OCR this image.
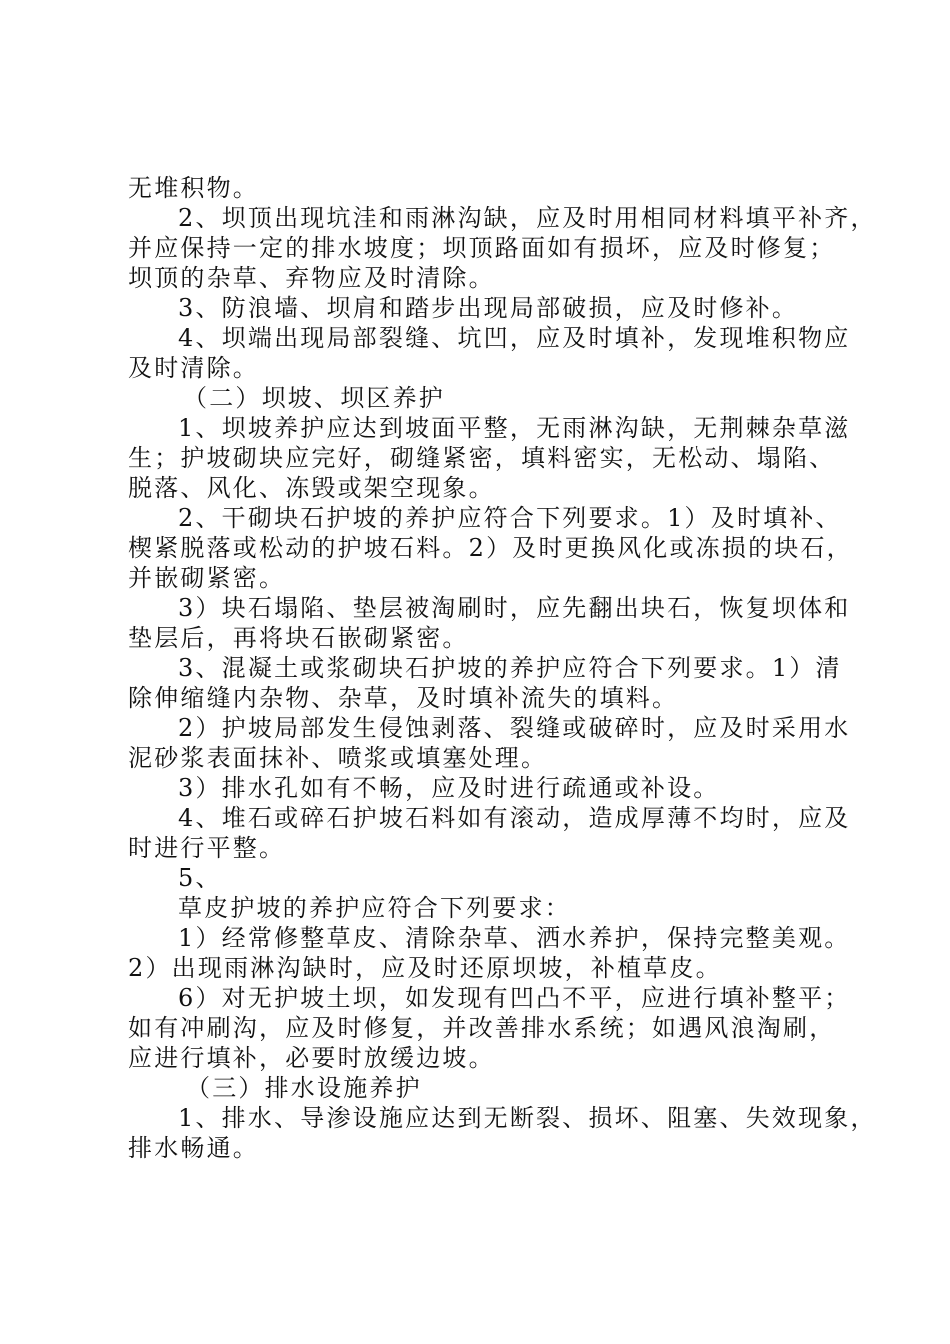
无堆积物。
2、坝顶出现坑洼和雨淋沟缺，应及时用相同材料填平补齐，
并应保持一定的排水坡度；坝顶路面如有损坏，应及时修复；
坝顶的杂草、弃物应及时清除。
3、防浪墙、坝肩和踏步出现局部破损，应及时修补。
4、坝端出现局部裂缝、坑凹，应及时填补，发现堆积物应
及时清除。
（二）坝坡、坝区养护
1、坝坡养护应达到坡面平整，无雨淋沟缺，无荆棘杂草滋
生；护坡砌块应完好，砌缝紧密，填料密实，无松动、塌陷、
脱落、风化、冻毁或架空现象。
2、干砌块石护坡的养护应符合下列要求。1）及时填补、
楔紧脱落或松动的护坡石料。2）及时更换风化或冻损的块石，
并嵌砌紧密。
3）块石塌陷、垫层被淘刷时，应先翻出块石，恢复坝体和
垫层后，再将块石嵌砌紧密。
3、混凝土或浆砌块石护坡的养护应符合下列要求。1）清
除伸缩缝内杂物、杂草，及时填补流失的填料。
2）护坡局部发生侵蚀剥落、裂缝或破碎时，应及时采用水
泥砂浆表面抹补、喷浆或填塞处理。
3）排水孔如有不畅，应及时进行疏通或补设。
4、堆石或碎石护坡石料如有滚动，造成厚薄不均时，应及
时进行平整。
5、
草皮护坡的养护应符合下列要求：
1）经常修整草皮、清除杂草、洒水养护，保持完整美观。
2）出现雨淋沟缺时，应及时还原坝坡，补植草皮。
6）对无护坡土坝，如发现有凹凸不平，应进行填补整平；
如有冲刷沟，应及时修复，并改善排水系统；如遇风浪淘刷，
应进行填补，必要时放缓边坡。
（三）排水设施养护
1、排水、导渗设施应达到无断裂、损坏、阻塞、失效现象，
排水畅通。
